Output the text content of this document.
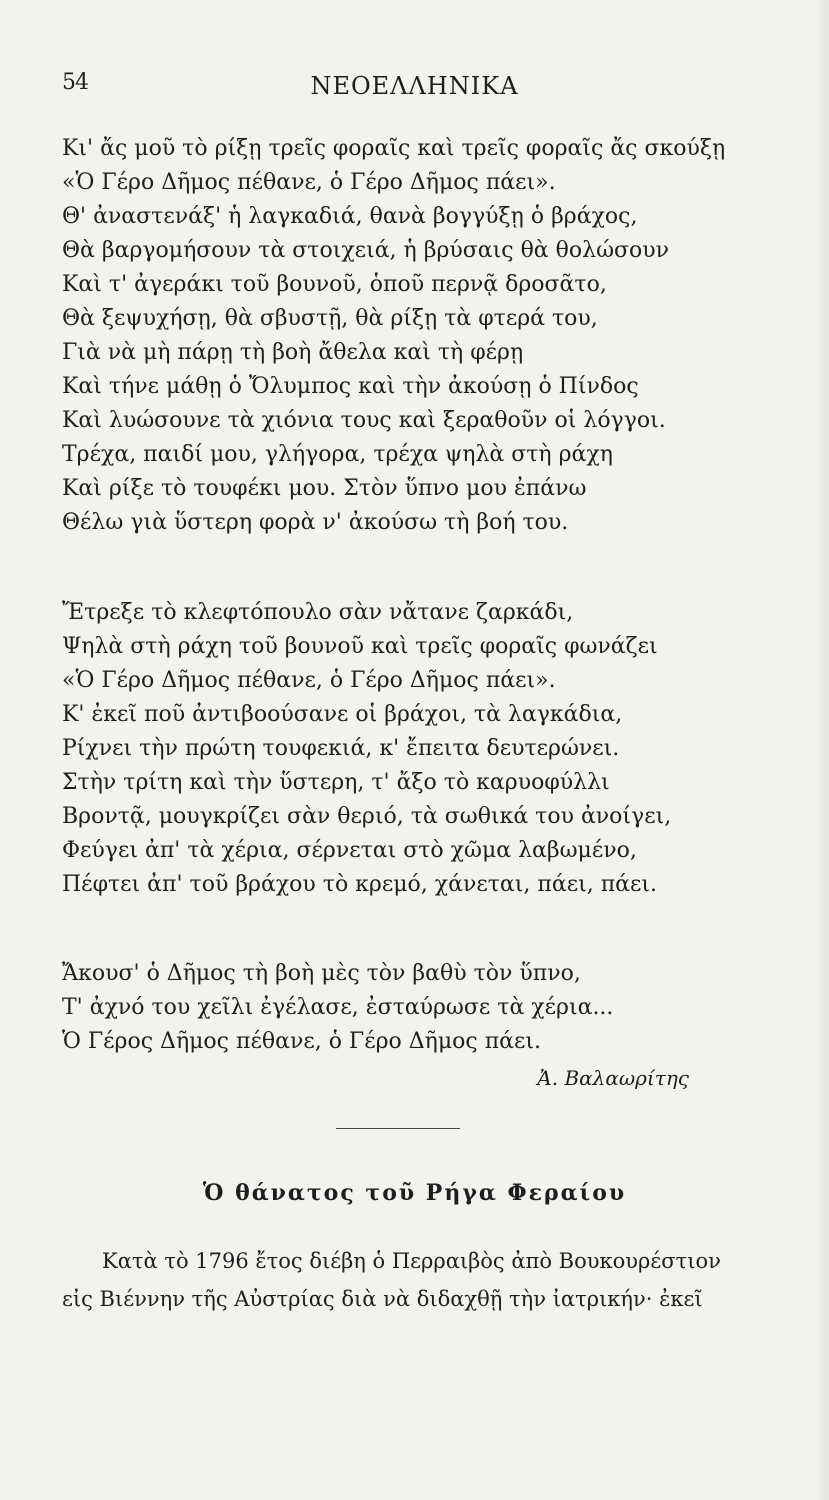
54	ΝΕΟΕΛΛΗΝΙΚΑ
Κι' ἄς μοῦ τὸ ρίξῃ τρεῖς φοραῖς καὶ τρεῖς φοραῖς ἄς σκούξῃ
«Ὁ Γέρο Δῆμος πέθανε, ὁ Γέρο Δῆμος πάει».
Θ' ἀναστενάξ' ἡ λαγκαδιά, θανὰ βογγύξῃ ὁ βράχος,
Θὰ βαργομήσουν τὰ στοιχειά, ἡ βρύσαις θὰ θολώσουν
Καὶ τ' ἀγεράκι τοῦ βουνοῦ, ὁποῦ περνᾷ δροσᾶτο,
Θὰ ξεψυχήσῃ, θὰ σβυστῇ, θὰ ρίξῃ τὰ φτερά του,
Γιὰ νὰ μὴ πάρῃ τὴ βοὴ ἄθελα καὶ τὴ φέρῃ
Καὶ τήνε μάθῃ ὁ Ὄλυμπος καὶ τὴν ἀκούσῃ ὁ Πίνδος
Καὶ λυώσουνε τὰ χιόνια τους καὶ ξεραθοῦν οἱ λόγγοι.
Τρέχα, παιδί μου, γλήγορα, τρέχα ψηλὰ στὴ ράχη
Καὶ ρίξε τὸ τουφέκι μου. Στὸν ὕπνο μου ἐπάνω
Θέλω γιὰ ὕστερη φορὰ ν' ἀκούσω τὴ βοή του.
Ἔτρεξε τὸ κλεφτόπουλο σὰν νἄτανε ζαρκάδι,
Ψηλὰ στὴ ράχη τοῦ βουνοῦ καὶ τρεῖς φοραῖς φωνάζει
«Ὁ Γέρο Δῆμος πέθανε, ὁ Γέρο Δῆμος πάει».
Κ' ἐκεῖ ποῦ ἀντιβοούσανε οἱ βράχοι, τὰ λαγκάδια,
Ρίχνει τὴν πρώτη τουφεκιά, κ' ἔπειτα δευτερώνει.
Στὴν τρίτη καὶ τὴν ὕστερη, τ' ἄξο τὸ καρυοφύλλι
Βροντᾷ, μουγκρίζει σὰν θεριό, τὰ σωθικά του ἀνοίγει,
Φεύγει ἀπ' τὰ χέρια, σέρνεται στὸ χῶμα λαβωμένο,
Πέφτει ἀπ' τοῦ βράχου τὸ κρεμό, χάνεται, πάει, πάει.
Ἄκουσ' ὁ Δῆμος τὴ βοὴ μὲς τὸν βαθὺ τὸν ὕπνο,
Τ' ἀχνό του χεῖλι ἐγέλασε, ἐσταύρωσε τὰ χέρια...
Ὁ Γέρος Δῆμος πέθανε, ὁ Γέρο Δῆμος πάει.
Ἀ. Βαλαωρίτης
Ὁ θάνατος τοῦ Ρήγα Φεραίου
Κατὰ τὸ 1796 ἔτος διέβη ὁ Περραιβὸς ἀπὸ Βουκουρέστιον
εἰς Βιέννην τῆς Αὐστρίας διὰ νὰ διδαχθῇ τὴν ἰατρικήν· ἐκεῖ
